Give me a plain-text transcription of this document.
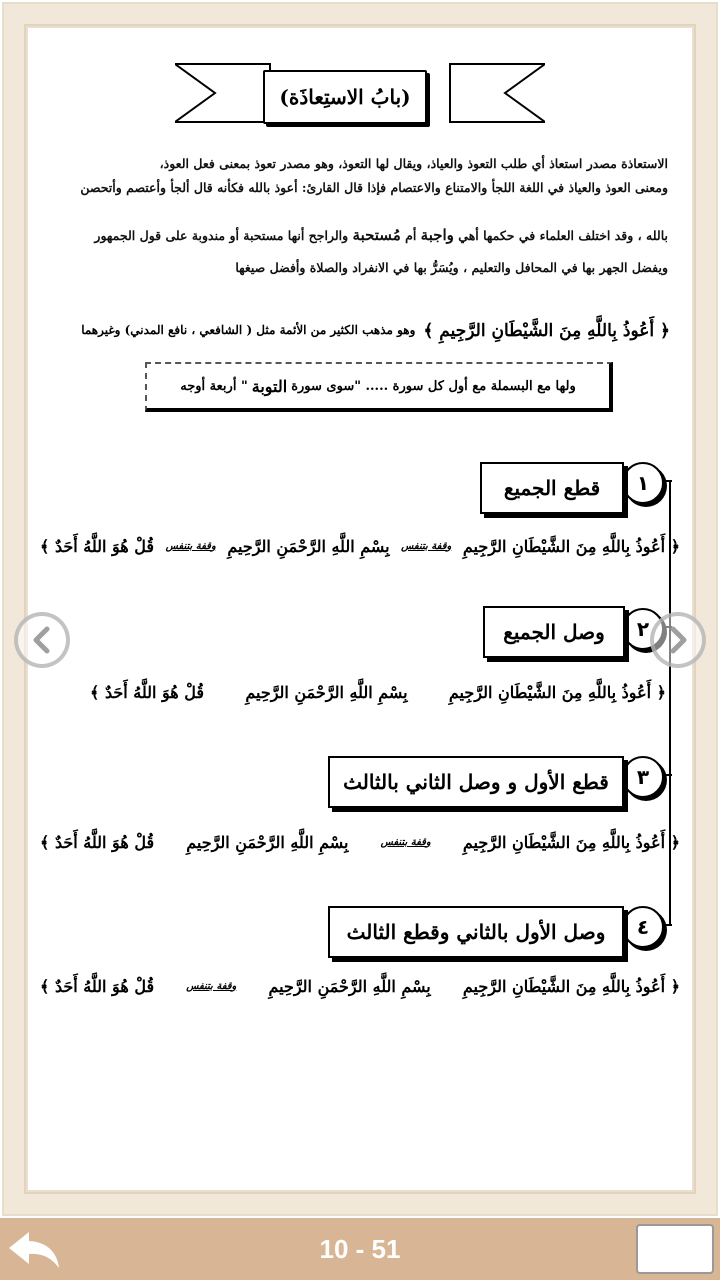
(بابُ الاستِعاذَة)
الاستعاذة مصدر استعاذ أي طلب التعوذ والعياذ، ويقال لها التعوذ، وهو مصدر تعوذ بمعنى فعل العوذ،
ومعنى العوذ والعياذ في اللغة اللجأ والامتناع والاعتصام فإذا قال القارئ: أعوذ بالله فكأنه قال ألجأ وأعتصم وأتحصن
بالله ، وقد اختلف العلماء في حكمها أهي واجبة أم مُستحبة والراجح أنها مستحبة أو مندوبة على قول الجمهور
ويفضل الجهر بها في المحافل والتعليم ، ويُسَرُّ بها في الانفراد والصلاة وأفضل صيغها
﴿ أَعُوذُ بِاللَّهِ مِنَ الشَّيْطَانِ الرَّجِيمِ ﴾
وهو مذهب الكثير من الأئمة مثل ( الشافعي ، نافع المدني) وغيرهما
ولها مع البسملة مع أول كل سورة ..... "سوى سورة
التوبة
" أربعة أوجه
١
قطع الجميع
﴿ أَعُوذُ بِاللَّهِ مِنَ الشَّيْطَانِ الرَّجِيمِ
وقفة بتنفس
بِسْمِ اللَّهِ الرَّحْمَنِ الرَّحِيمِ
وقفة بتنفس
قُلْ هُوَ اللَّهُ أَحَدٌ ﴾
٢
وصل الجميع
﴿ أَعُوذُ بِاللَّهِ مِنَ الشَّيْطَانِ الرَّجِيمِ
بِسْمِ اللَّهِ الرَّحْمَنِ الرَّحِيمِ
قُلْ هُوَ اللَّهُ أَحَدٌ ﴾
٣
قطع الأول و وصل الثاني بالثالث
﴿ أَعُوذُ بِاللَّهِ مِنَ الشَّيْطَانِ الرَّجِيمِ
وقفة بتنفس
بِسْمِ اللَّهِ الرَّحْمَنِ الرَّحِيمِ
قُلْ هُوَ اللَّهُ أَحَدٌ ﴾
٤
وصل الأول بالثاني وقطع الثالث
﴿ أَعُوذُ بِاللَّهِ مِنَ الشَّيْطَانِ الرَّجِيمِ
بِسْمِ اللَّهِ الرَّحْمَنِ الرَّحِيمِ
وقفة بتنفس
قُلْ هُوَ اللَّهُ أَحَدٌ ﴾
10 - 51
